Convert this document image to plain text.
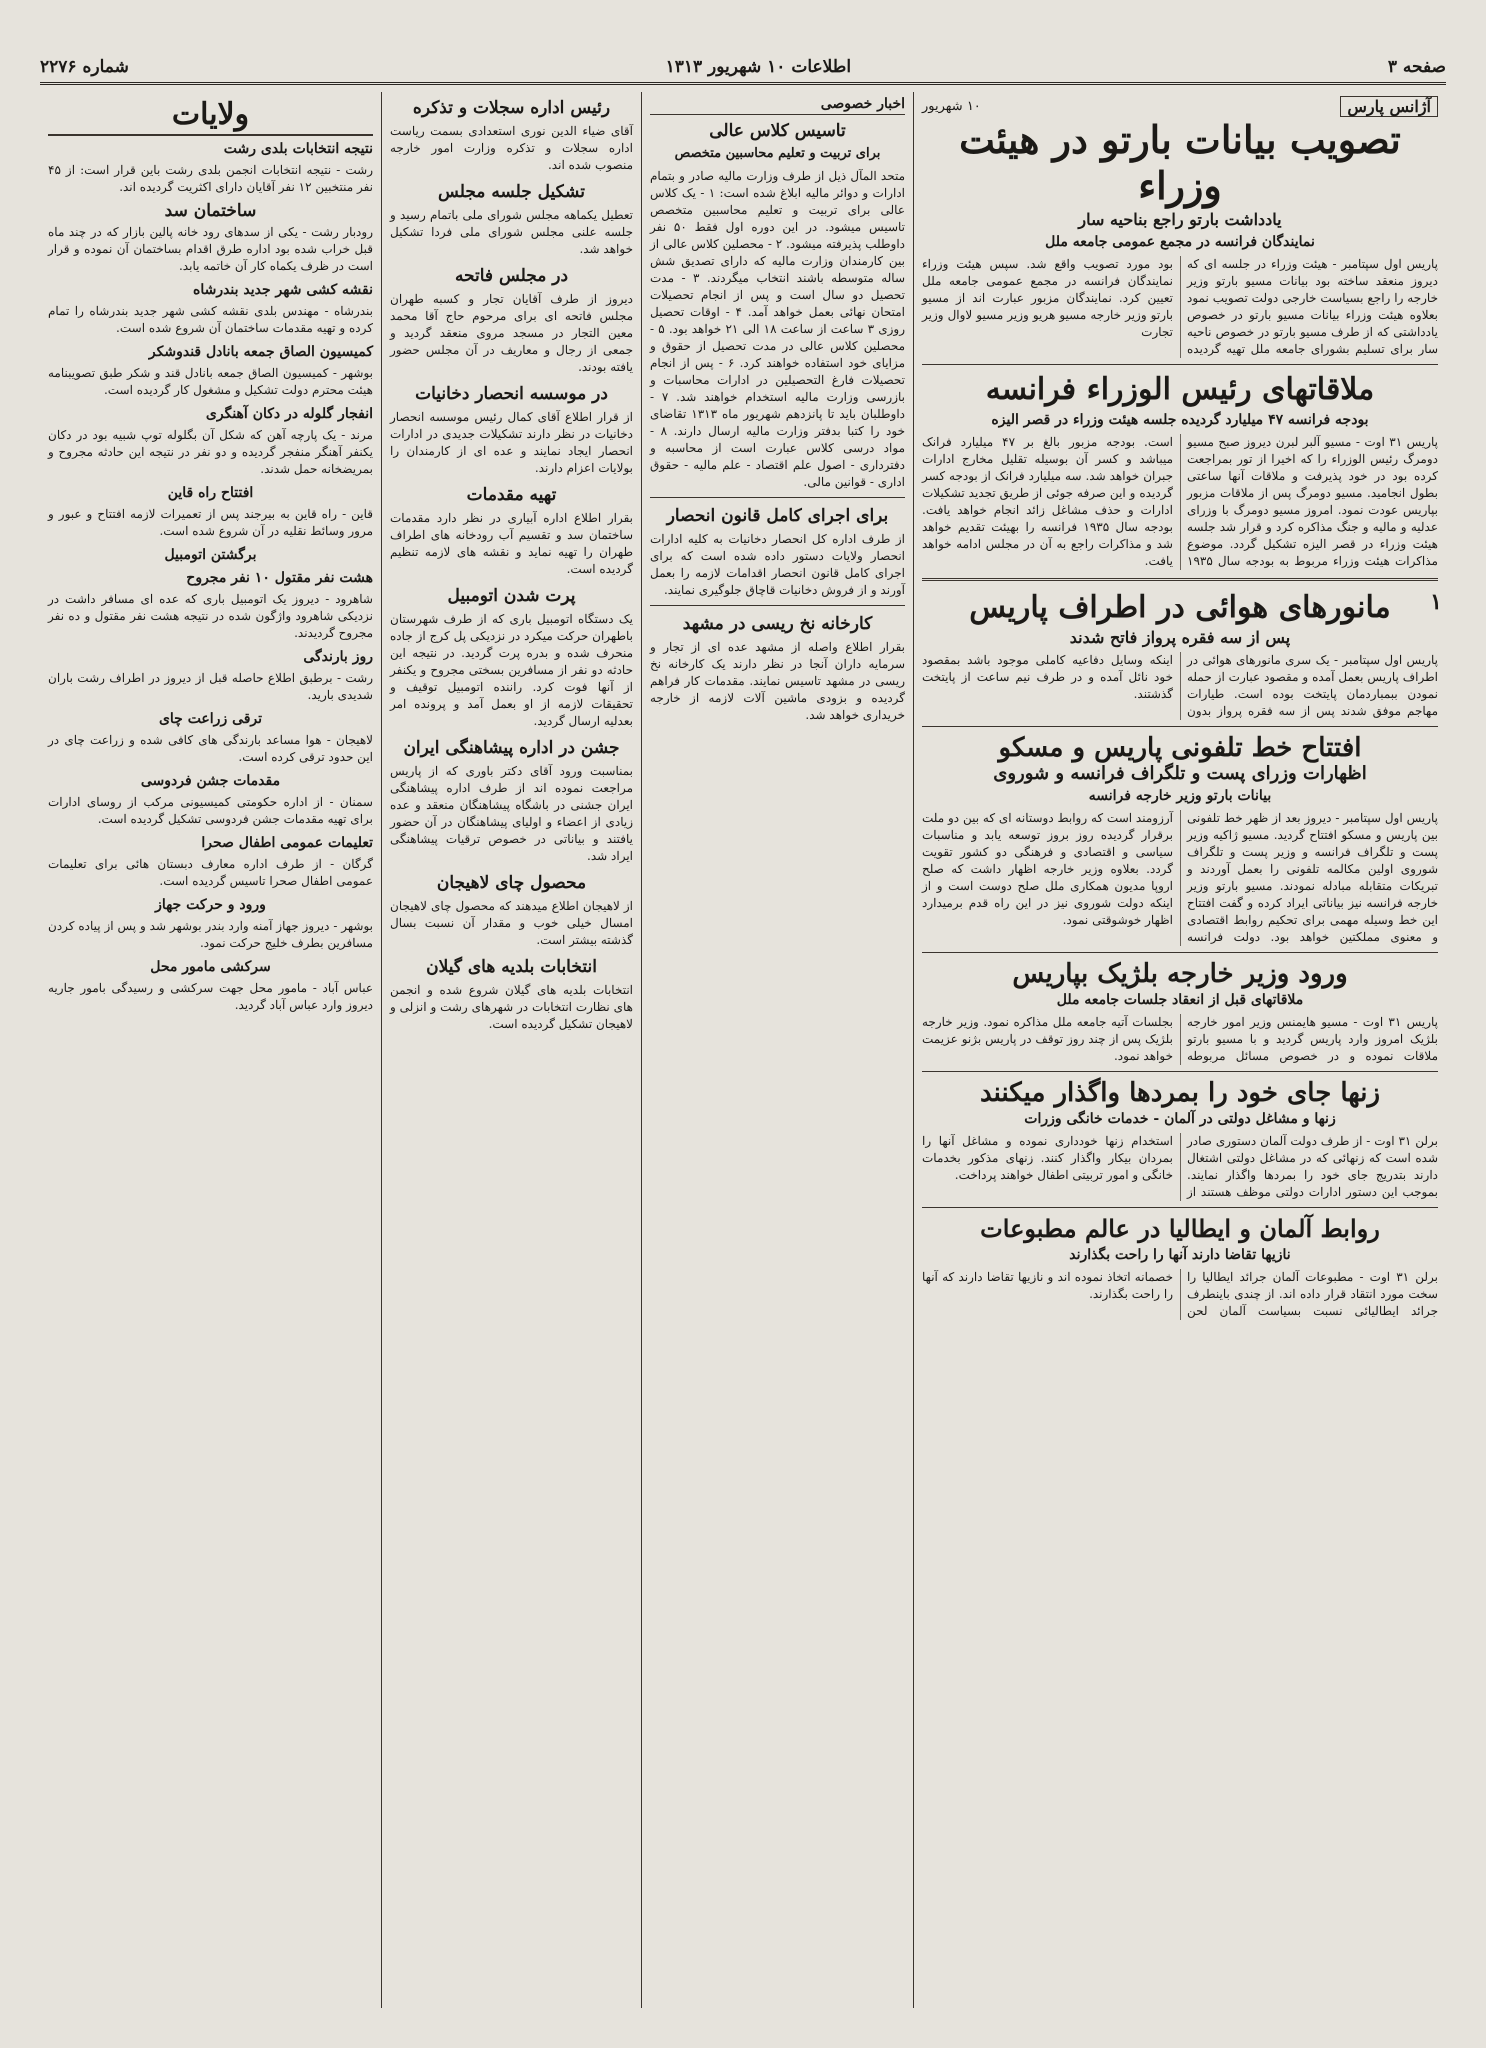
صفحه ۳
اطلاعات ۱۰ شهریور ۱۳۱۳
شماره ۲۲۷۶
آژانس پارس
۱۰ شهریور
تصویب بیانات بارتو در هیئت وزراء
یادداشت بارتو راجع بناحیه سار
نمایندگان فرانسه در مجمع عمومی جامعه ملل

پاریس اول سپتامبر - هیئت وزراء در جلسه ای که دیروز منعقد ساخته بود بیانات مسیو بارتو وزیر خارجه را راجع بسیاست خارجی دولت تصویب نمود بعلاوه هیئت وزراء بیانات مسیو بارتو در خصوص یادداشتی که از طرف مسیو بارتو در خصوص ناحیه سار برای تسلیم بشورای جامعه ملل تهیه گردیده بود مورد تصویب واقع شد. سپس هیئت وزراء نمایندگان فرانسه در مجمع عمومی جامعه ملل تعیین کرد. نمایندگان مزبور عبارت اند از مسیو بارتو وزیر خارجه مسیو هریو وزیر مسیو لاوال وزیر تجارت

ملاقاتهای رئیس الوزراء فرانسه
بودجه فرانسه ۴۷ میلیارد گردیده جلسه هیئت وزراء در قصر الیزه

پاریس ۳۱ اوت - مسیو آلبر لبرن دیروز صبح مسیو دومرگ رئیس الوزراء را که اخیرا از تور بمراجعت کرده بود در خود پذیرفت و ملاقات آنها ساعتی بطول انجامید. مسیو دومرگ پس از ملاقات مزبور بپاریس عودت نمود. امروز مسیو دومرگ با وزرای عدلیه و مالیه و جنگ مذاکره کرد و قرار شد جلسه هیئت وزراء در قصر الیزه تشکیل گردد. موضوع مذاکرات هیئت وزراء مربوط به بودجه سال ۱۹۳۵ است. بودجه مزبور بالغ بر ۴۷ میلیارد فرانک میباشد و کسر آن بوسیله تقلیل مخارج ادارات جبران خواهد شد. سه میلیارد فرانک از بودجه کسر گردیده و این صرفه جوئی از طریق تجدید تشکیلات ادارات و حذف مشاغل زائد انجام خواهد یافت. بودجه سال ۱۹۳۵ فرانسه را بهیئت تقدیم خواهد شد و مذاکرات راجع به آن در مجلس ادامه خواهد یافت.

۱
مانورهای هوائی در اطراف پاریس
پس از سه فقره پرواز فاتح شدند

پاریس اول سپتامبر - یک سری مانورهای هوائی در اطراف پاریس بعمل آمده و مقصود عبارت از حمله نمودن ببمباردمان پایتخت بوده است. طیارات مهاجم موفق شدند پس از سه فقره پرواز بدون اینکه وسایل دفاعیه کاملی موجود باشد بمقصود خود نائل آمده و در طرف نیم ساعت از پایتخت گذشتند.

افتتاح خط تلفونی پاریس و مسکو
اظهارات وزرای پست و تلگراف فرانسه و شوروی
بیانات بارتو وزیر خارجه فرانسه

پاریس اول سپتامبر - دیروز بعد از ظهر خط تلفونی بین پاریس و مسکو افتتاح گردید. مسیو ژاکیه وزیر پست و تلگراف فرانسه و وزیر پست و تلگراف شوروی اولین مکالمه تلفونی را بعمل آوردند و تبریکات متقابله مبادله نمودند. مسیو بارتو وزیر خارجه فرانسه نیز بیاناتی ایراد کرده و گفت افتتاح این خط وسیله مهمی برای تحکیم روابط اقتصادی و معنوی مملکتین خواهد بود. دولت فرانسه آرزومند است که روابط دوستانه ای که بین دو ملت برقرار گردیده روز بروز توسعه یابد و مناسبات سیاسی و اقتصادی و فرهنگی دو کشور تقویت گردد. بعلاوه وزیر خارجه اظهار داشت که صلح اروپا مدیون همکاری ملل صلح دوست است و از اینکه دولت شوروی نیز در این راه قدم برمیدارد اظهار خوشوقتی نمود.

ورود وزیر خارجه بلژیک بپاریس
ملاقاتهای قبل از انعقاد جلسات جامعه ملل

پاریس ۳۱ اوت - مسیو هایمنس وزیر امور خارجه بلژیک امروز وارد پاریس گردید و با مسیو بارتو ملاقات نموده و در خصوص مسائل مربوطه بجلسات آتیه جامعه ملل مذاکره نمود. وزیر خارجه بلژیک پس از چند روز توقف در پاریس بژنو عزیمت خواهد نمود.

زنها جای خود را بمردها واگذار میکنند
زنها و مشاغل دولتی در آلمان - خدمات خانگی وزرات

برلن ۳۱ اوت - از طرف دولت آلمان دستوری صادر شده است که زنهائی که در مشاغل دولتی اشتغال دارند بتدریج جای خود را بمردها واگذار نمایند. بموجب این دستور ادارات دولتی موظف هستند از استخدام زنها خودداری نموده و مشاغل آنها را بمردان بیکار واگذار کنند. زنهای مذکور بخدمات خانگی و امور تربیتی اطفال خواهند پرداخت.

روابط آلمان و ایطالیا در عالم مطبوعات
نازیها تقاضا دارند آنها را راحت بگذارند

برلن ۳۱ اوت - مطبوعات آلمان جرائد ایطالیا را سخت مورد انتقاد قرار داده اند. از چندی باینطرف جرائد ایطالیائی نسبت بسیاست آلمان لحن خصمانه اتخاذ نموده اند و نازیها تقاضا دارند که آنها را راحت بگذارند.

اخبار خصوصی
تاسیس کلاس عالی
برای تربیت و تعلیم محاسبین متخصص

متحد المآل ذیل از طرف وزارت مالیه صادر و بتمام ادارات و دوائر مالیه ابلاغ شده است: ۱ - یک کلاس عالی برای تربیت و تعلیم محاسبین متخصص تاسیس میشود. در این دوره اول فقط ۵۰ نفر داوطلب پذیرفته میشود. ۲ - محصلین کلاس عالی از بین کارمندان وزارت مالیه که دارای تصدیق شش ساله متوسطه باشند انتخاب میگردند. ۳ - مدت تحصیل دو سال است و پس از انجام تحصیلات امتحان نهائی بعمل خواهد آمد. ۴ - اوقات تحصیل روزی ۳ ساعت از ساعت ۱۸ الی ۲۱ خواهد بود. ۵ - محصلین کلاس عالی در مدت تحصیل از حقوق و مزایای خود استفاده خواهند کرد. ۶ - پس از انجام تحصیلات فارغ التحصیلین در ادارات محاسبات و بازرسی وزارت مالیه استخدام خواهند شد. ۷ - داوطلبان باید تا پانزدهم شهریور ماه ۱۳۱۳ تقاضای خود را کتبا بدفتر وزارت مالیه ارسال دارند. ۸ - مواد درسی کلاس عبارت است از محاسبه و دفترداری - اصول علم اقتصاد - علم مالیه - حقوق اداری - قوانین مالی.

برای اجرای کامل قانون انحصار

از طرف اداره کل انحصار دخانیات به کلیه ادارات انحصار ولایات دستور داده شده است که برای اجرای کامل قانون انحصار اقدامات لازمه را بعمل آورند و از فروش دخانیات قاچاق جلوگیری نمایند.

کارخانه نخ ریسی در مشهد

بقرار اطلاع واصله از مشهد عده ای از تجار و سرمایه داران آنجا در نظر دارند یک کارخانه نخ ریسی در مشهد تاسیس نمایند. مقدمات کار فراهم گردیده و بزودی ماشین آلات لازمه از خارجه خریداری خواهد شد.

رئیس اداره سجلات و تذکره

آقای ضیاء الدین نوری استعدادی بسمت ریاست اداره سجلات و تذکره وزارت امور خارجه منصوب شده اند.

تشکیل جلسه مجلس

تعطیل یکماهه مجلس شورای ملی باتمام رسید و جلسه علنی مجلس شورای ملی فردا تشکیل خواهد شد.

در مجلس فاتحه

دیروز از طرف آقایان تجار و کسبه طهران مجلس فاتحه ای برای مرحوم حاج آقا محمد معین التجار در مسجد مروی منعقد گردید و جمعی از رجال و معاریف در آن مجلس حضور یافته بودند.

در موسسه انحصار دخانیات

از قرار اطلاع آقای کمال رئیس موسسه انحصار دخانیات در نظر دارند تشکیلات جدیدی در ادارات انحصار ایجاد نمایند و عده ای از کارمندان را بولایات اعزام دارند.

تهیه مقدمات

بقرار اطلاع اداره آبیاری در نظر دارد مقدمات ساختمان سد و تقسیم آب رودخانه های اطراف طهران را تهیه نماید و نقشه های لازمه تنظیم گردیده است.

پرت شدن اتومبیل

یک دستگاه اتومبیل باری که از طرف شهرستان باطهران حرکت میکرد در نزدیکی پل کرج از جاده منحرف شده و بدره پرت گردید. در نتیجه این حادثه دو نفر از مسافرین بسختی مجروح و یکنفر از آنها فوت کرد. راننده اتومبیل توقیف و تحقیقات لازمه از او بعمل آمد و پرونده امر بعدلیه ارسال گردید.

جشن در اداره پیشاهنگی ایران

بمناسبت ورود آقای دکتر باوری که از پاریس مراجعت نموده اند از طرف اداره پیشاهنگی ایران جشنی در باشگاه پیشاهنگان منعقد و عده زیادی از اعضاء و اولیای پیشاهنگان در آن حضور یافتند و بیاناتی در خصوص ترقیات پیشاهنگی ایراد شد.

محصول چای لاهیجان

از لاهیجان اطلاع میدهند که محصول چای لاهیجان امسال خیلی خوب و مقدار آن نسبت بسال گذشته بیشتر است.

انتخابات بلدیه های گیلان

انتخابات بلدیه های گیلان شروع شده و انجمن های نظارت انتخابات در شهرهای رشت و انزلی و لاهیجان تشکیل گردیده است.

ولایات
نتیجه انتخابات بلدی رشت

رشت - نتیجه انتخابات انجمن بلدی رشت باین قرار است: از ۴۵ نفر منتخبین ۱۲ نفر آقایان دارای اکثریت گردیده اند.

ساختمان سد

رودبار رشت - یکی از سدهای رود خانه پالین بازار که در چند ماه قبل خراب شده بود اداره طرق اقدام بساختمان آن نموده و قرار است در ظرف یکماه کار آن خاتمه یابد.

نقشه کشی شهر جدید بندرشاه

بندرشاه - مهندس بلدی نقشه کشی شهر جدید بندرشاه را تمام کرده و تهیه مقدمات ساختمان آن شروع شده است.

کمیسیون الصاق جمعه بانادل قندوشکر

بوشهر - کمیسیون الصاق جمعه بانادل قند و شکر طبق تصویبنامه هیئت محترم دولت تشکیل و مشغول کار گردیده است.

انفجار گلوله در دکان آهنگری

مرند - یک پارچه آهن که شکل آن بگلوله توپ شبیه بود در دکان یکنفر آهنگر منفجر گردیده و دو نفر در نتیجه این حادثه مجروح و بمریضخانه حمل شدند.

افتتاح راه قاین

قاین - راه قاین به بیرجند پس از تعمیرات لازمه افتتاح و عبور و مرور وسائط نقلیه در آن شروع شده است.

برگشتن اتومبیل
هشت نفر مقتول ۱۰ نفر مجروح

شاهرود - دیروز یک اتومبیل باری که عده ای مسافر داشت در نزدیکی شاهرود واژگون شده در نتیجه هشت نفر مقتول و ده نفر مجروح گردیدند.

روز بارندگی

رشت - برطبق اطلاع حاصله قبل از دیروز در اطراف رشت باران شدیدی بارید.

ترقی زراعت چای

لاهیجان - هوا مساعد بارندگی های کافی شده و زراعت چای در این حدود ترقی کرده است.

مقدمات جشن فردوسی

سمنان - از اداره حکومتی کمیسیونی مرکب از روسای ادارات برای تهیه مقدمات جشن فردوسی تشکیل گردیده است.

تعلیمات عمومی اطفال صحرا

گرگان - از طرف اداره معارف دبستان هائی برای تعلیمات عمومی اطفال صحرا تاسیس گردیده است.

ورود و حرکت جهاز

بوشهر - دیروز جهاز آمنه وارد بندر بوشهر شد و پس از پیاده کردن مسافرین بطرف خلیج حرکت نمود.

سرکشی مامور محل

عباس آباد - مامور محل جهت سرکشی و رسیدگی بامور جاریه دیروز وارد عباس آباد گردید.
